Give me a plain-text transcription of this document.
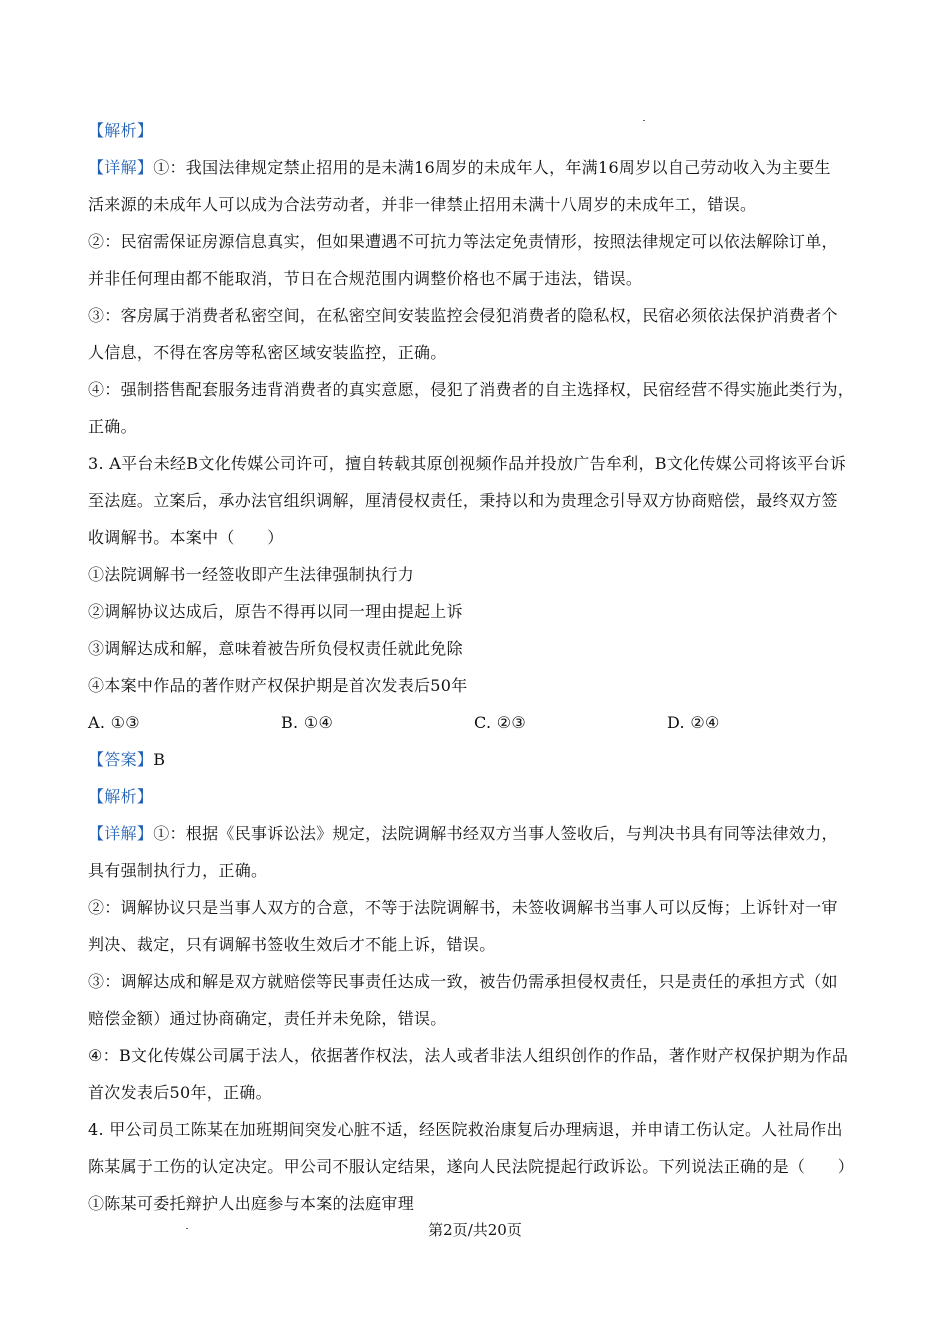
【解析】
【详解】①：我国法律规定禁止招用的是未满16周岁的未成年人，年满16周岁以自己劳动收入为主要生
活来源的未成年人可以成为合法劳动者，并非一律禁止招用未满十八周岁的未成年工，错误。
②：民宿需保证房源信息真实，但如果遭遇不可抗力等法定免责情形，按照法律规定可以依法解除订单，
并非任何理由都不能取消，节日在合规范围内调整价格也不属于违法，错误。
③：客房属于消费者私密空间，在私密空间安装监控会侵犯消费者的隐私权，民宿必须依法保护消费者个
人信息，不得在客房等私密区域安装监控，正确。
④：强制搭售配套服务违背消费者的真实意愿，侵犯了消费者的自主选择权，民宿经营不得实施此类行为，
正确。
3. A平台未经B文化传媒公司许可，擅自转载其原创视频作品并投放广告牟利，B文化传媒公司将该平台诉
至法庭。立案后，承办法官组织调解，厘清侵权责任，秉持以和为贵理念引导双方协商赔偿，最终双方签
收调解书。本案中（　　）
①法院调解书一经签收即产生法律强制执行力
②调解协议达成后，原告不得再以同一理由提起上诉
③调解达成和解，意味着被告所负侵权责任就此免除
④本案中作品的著作财产权保护期是首次发表后50年
A. ①③	B. ①④	C. ②③	D. ②④
【答案】B
【解析】
【详解】①：根据《民事诉讼法》规定，法院调解书经双方当事人签收后，与判决书具有同等法律效力，
具有强制执行力，正确。
②：调解协议只是当事人双方的合意，不等于法院调解书，未签收调解书当事人可以反悔；上诉针对一审
判决、裁定，只有调解书签收生效后才不能上诉，错误。
③：调解达成和解是双方就赔偿等民事责任达成一致，被告仍需承担侵权责任，只是责任的承担方式（如
赔偿金额）通过协商确定，责任并未免除，错误。
④：B文化传媒公司属于法人，依据著作权法，法人或者非法人组织创作的作品，著作财产权保护期为作品
首次发表后50年，正确。
4. 甲公司员工陈某在加班期间突发心脏不适，经医院救治康复后办理病退，并申请工伤认定。人社局作出
陈某属于工伤的认定决定。甲公司不服认定结果，遂向人民法院提起行政诉讼。下列说法正确的是（　　）
①陈某可委托辩护人出庭参与本案的法庭审理
第2页/共20页
